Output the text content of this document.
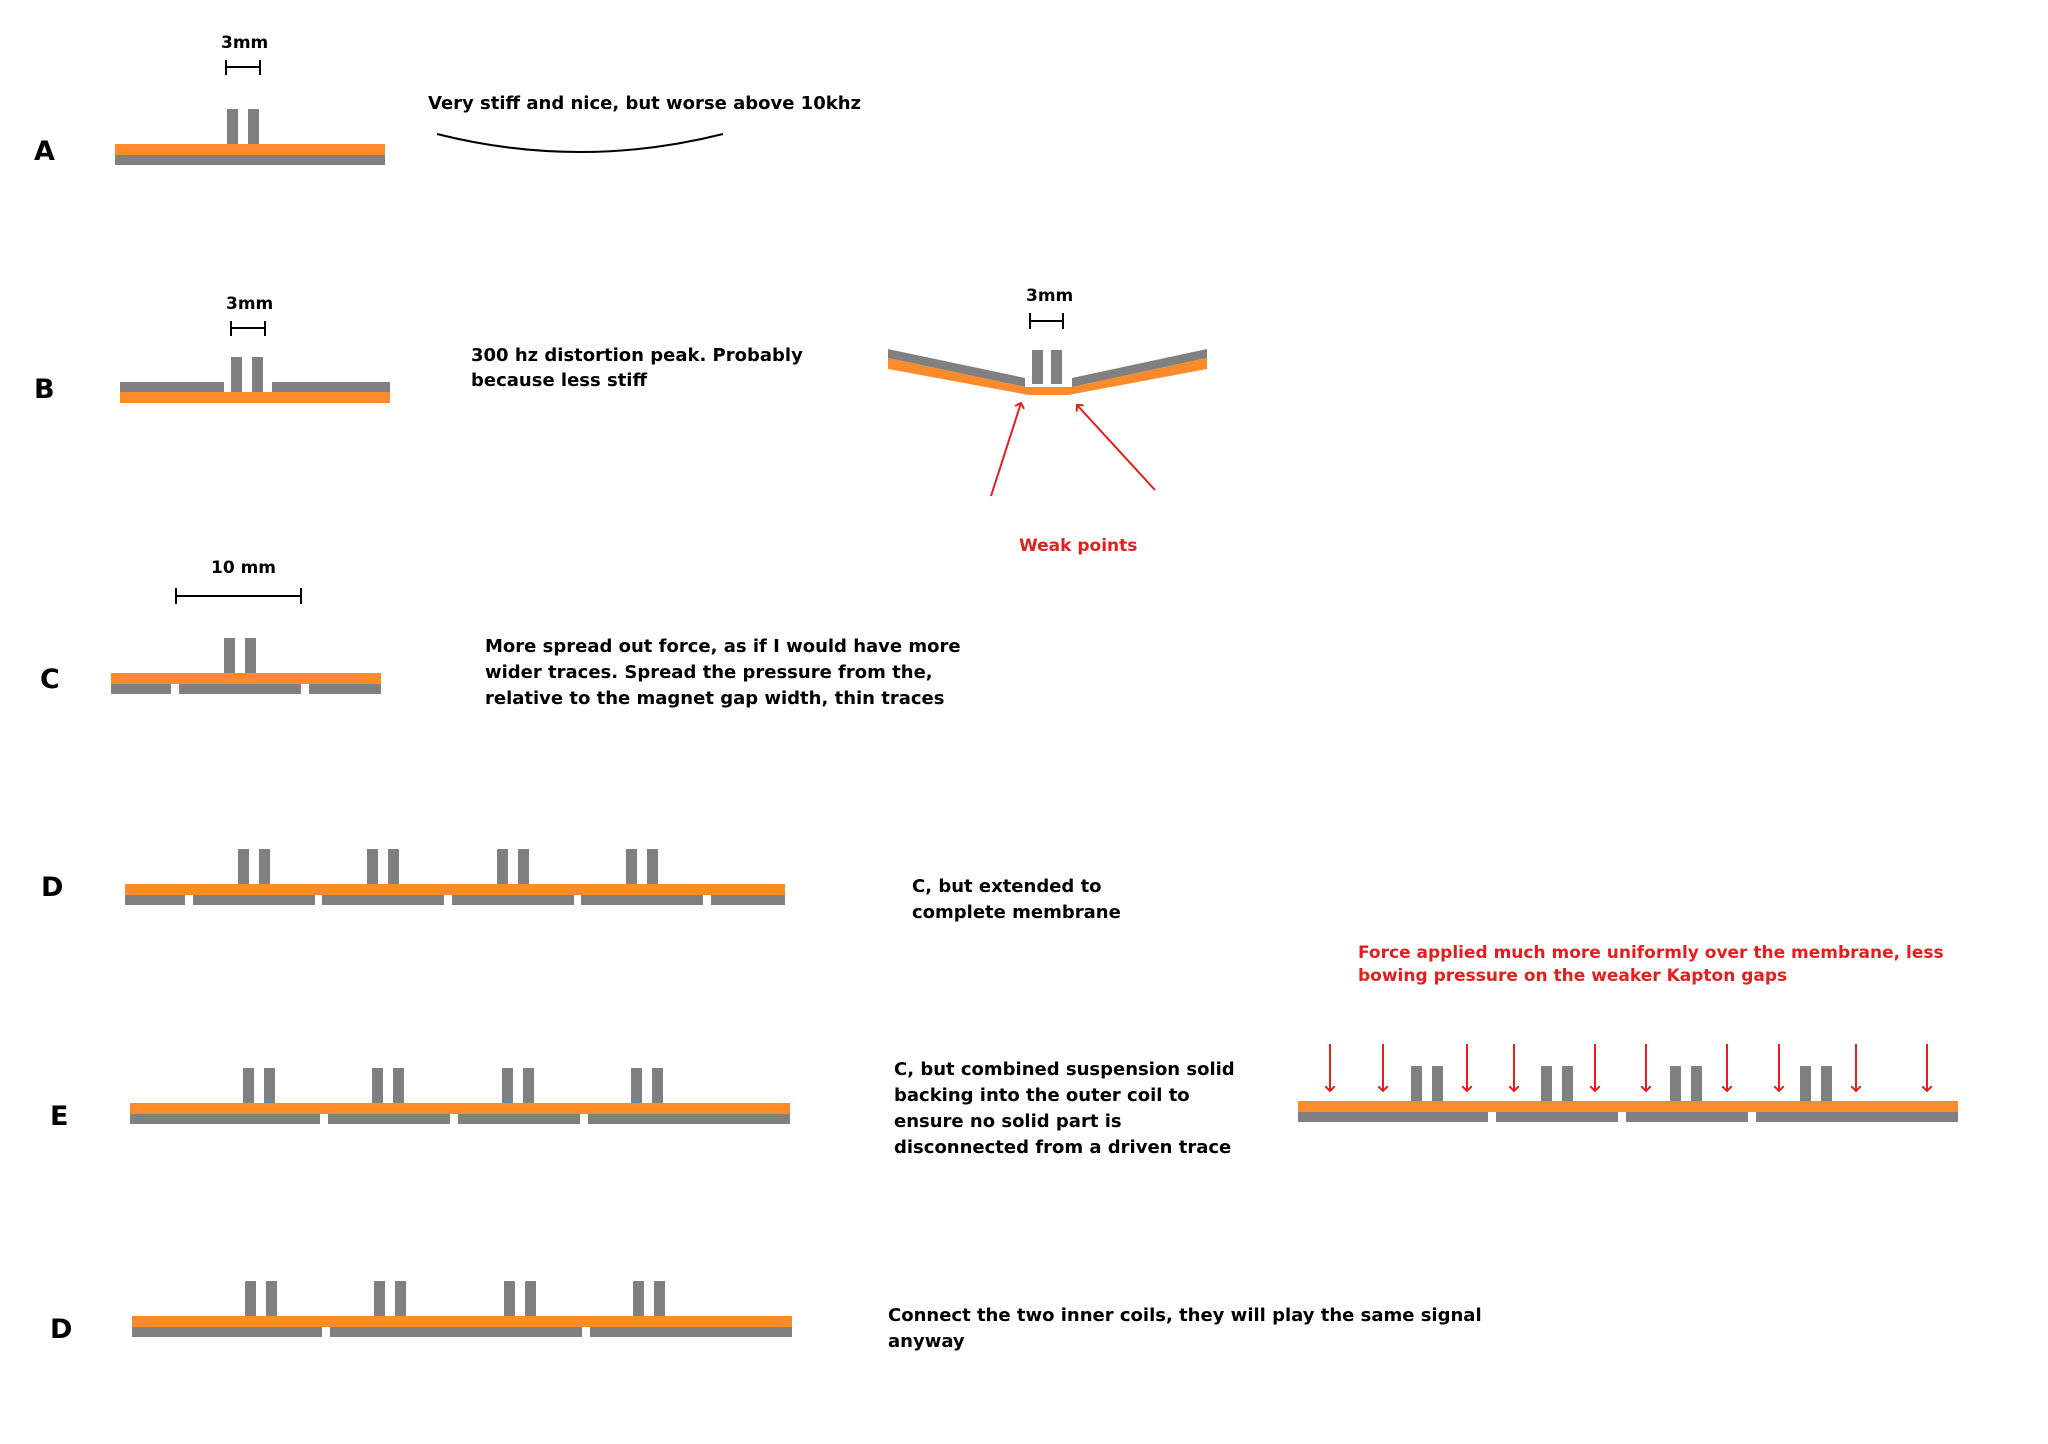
A
3mm
Very stiff and nice, but worse above 10khz
B
3mm
300 hz distortion peak. Probably because less stiff
3mm
Weak points
C
10 mm
More spread out force, as if I would have more wider traces. Spread the pressure from the, relative to the magnet gap width, thin traces
D	C, but extended to complete membrane
E
C, but combined suspension solid backing into the outer coil to ensure no solid part is disconnected from a driven trace
Force applied much more uniformly over the membrane, less bowing pressure on the weaker Kapton gaps
D	Connect the two inner coils, they will play the same signal anyway
